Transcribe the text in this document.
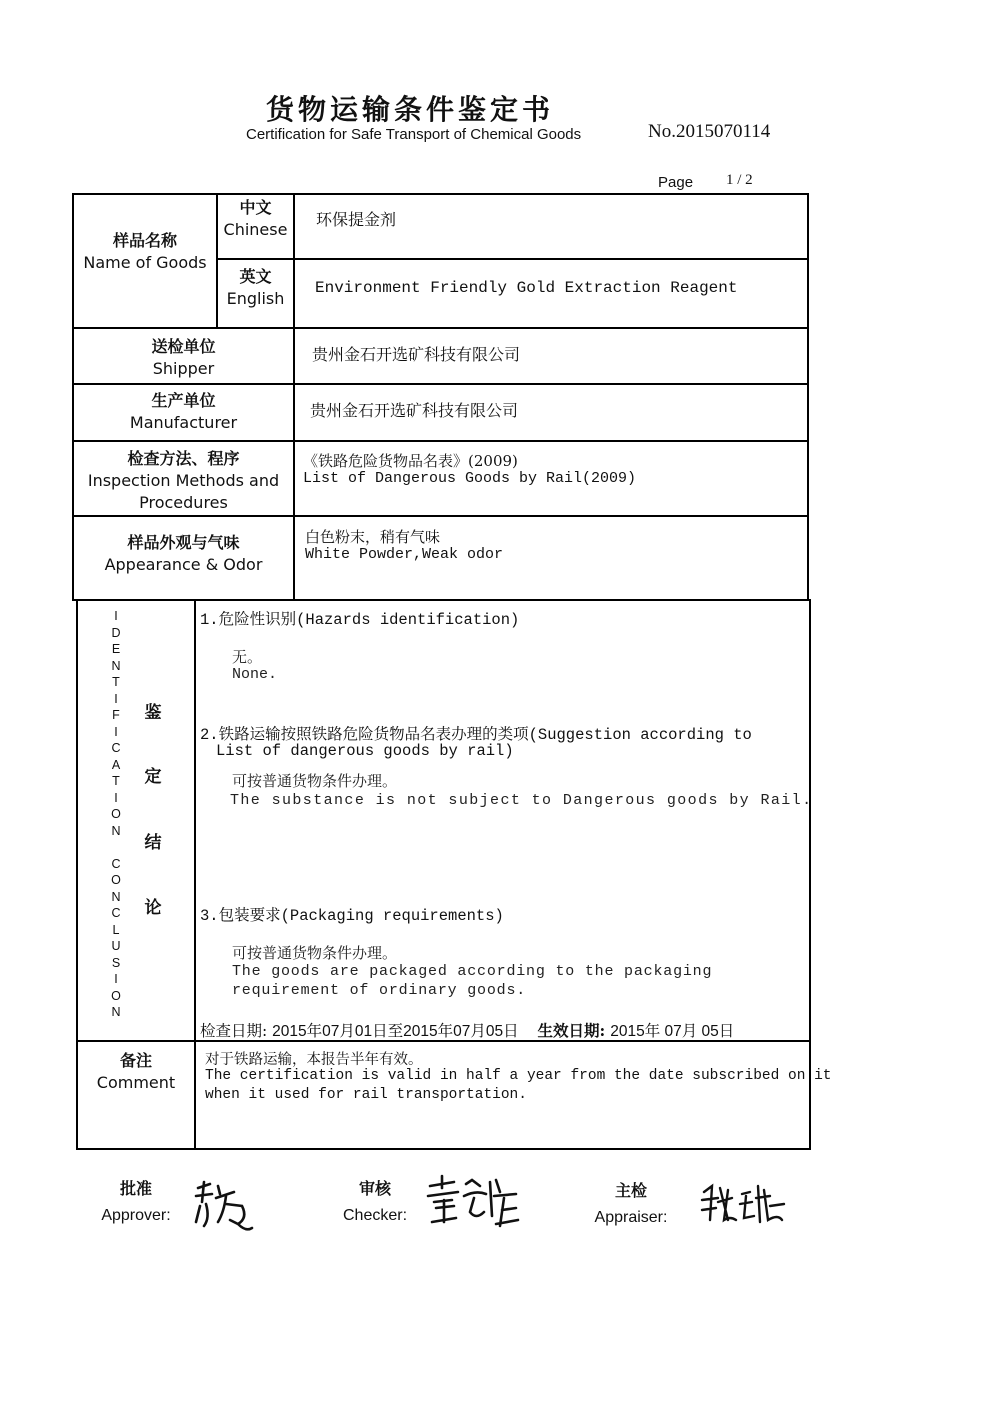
货物运输条件鉴定书
Certification for Safe Transport of Chemical Goods	No.2015070114
Page 1 / 2
样品名称
Name of Goods
中文
Chinese
环保提金剂
英文
English
Environment Friendly Gold Extraction Reagent
送检单位
Shipper
贵州金石开选矿科技有限公司
生产单位
Manufacturer
贵州金石开选矿科技有限公司
检查方法、程序
Inspection Methods and
Procedures
《铁路危险货物品名表》(2009)
List of Dangerous Goods by Rail(2009)
样品外观与气味
Appearance & Odor
白色粉末，稍有气味
White Powder,Weak odor
I
D
E
N
T
I
F
I
C
A
T
I
O
N

C
O
N
C
L
U
S
I
O
N
鉴
定
结
论
1.危险性识别(Hazards identification)
无。
None.
2.铁路运输按照铁路危险货物品名表办理的类项(Suggestion according to
List of dangerous goods by rail)
可按普通货物条件办理。
The substance is not subject to Dangerous goods by Rail.
3.包装要求(Packaging requirements)
可按普通货物条件办理。
The goods are packaged according to the packaging
requirement of ordinary goods.
检查日期: 2015年07月01日至2015年07月05日 生效日期: 2015年 07月 05日
备注
Comment
对于铁路运输，本报告半年有效。
The certification is valid in half a year from the date subscribed on it
when it used for rail transportation.
批准
Approver:
审核
Checker:
主检
Appraiser:
